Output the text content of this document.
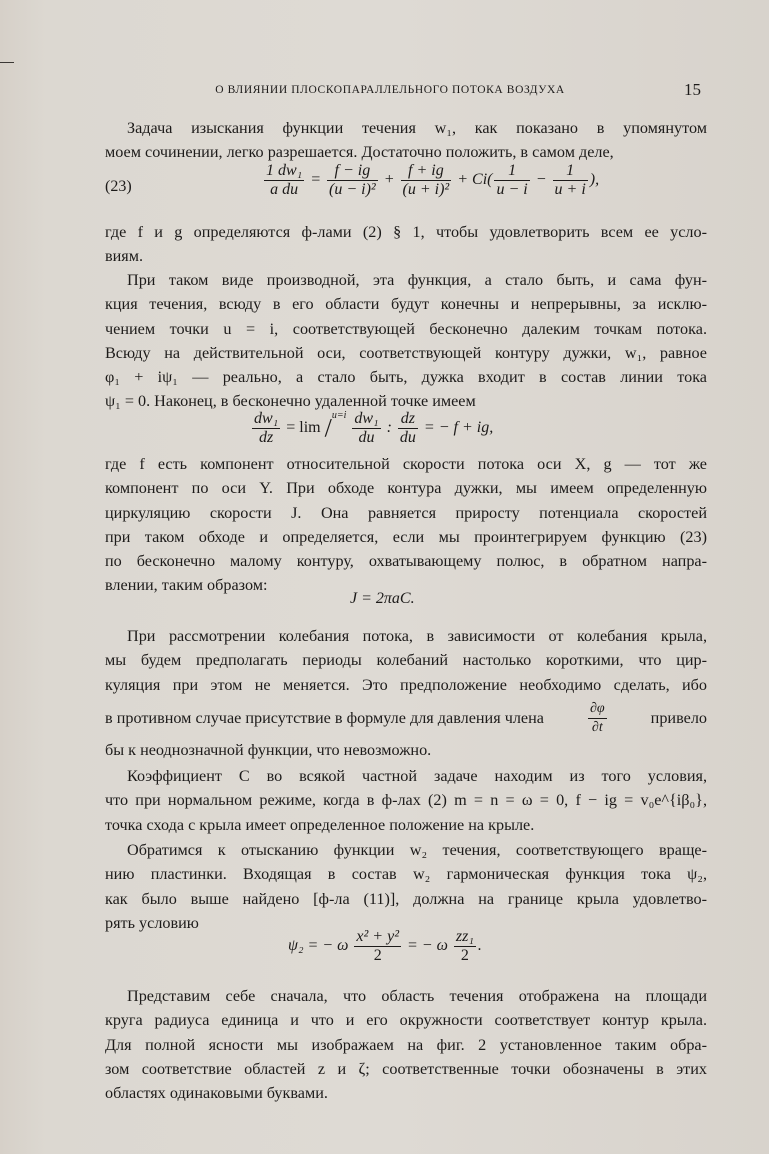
О ВЛИЯНИИ ПЛОСКОПАРАЛЛЕЛЬНОГО ПОТОКА ВОЗДУХА	15
Задача изыскания функции течения w₁, как показано в упомянутом
моем сочинении, легко разрешается. Достаточно положить, в самом деле,
(23)	$\frac{\text{1 dw₁}}{\text{a du}} = \frac{f - ig}{\text{(u − i)²}} + \frac{f + ig}{\text{(u + i)²}} + Ci( \frac{1}{u - i} - \frac{1}{u + i}$ ),
где f и g определяются ф-лами (2) § 1, чтобы удовлетворить всем ее усло-
виям.
При таком виде производной, эта функция, а стало быть, и сама фун-
кция течения, всюду в его области будут конечны и непрерывны, за исклю-
чением точки u = i, соответствующей бесконечно далеким точкам потока.
Всюду на действительной оси, соответствующей контуру дужки, w₁, равное
φ₁ + iψ₁ — реально, а стало быть, дужка входит в состав линии тока
ψ₁ = 0. Наконец, в бесконечно удаленной точке имеем
$\frac{\text{dw₁}}{dz} = \lim /^{u=i} \frac{\text{dw₁}}{du}$ : $\frac{dz}{du}$ = − f + ig,
где f есть компонент относительной скорости потока оси X, g — тот же
компонент по оси Y. При обходе контура дужки, мы имеем определенную
циркуляцию скорости J. Она равняется приросту потенциала скоростей
при таком обходе и определяется, если мы проинтегрируем функцию (23)
по бесконечно малому контуру, охватывающему полюс, в обратном напра-
влении, таким образом:
J = 2πaC.
При рассмотрении колебания потока, в зависимости от колебания крыла,
мы будем предполагать периоды колебаний настолько короткими, что цир-
куляция при этом не меняется. Это предположение необходимо сделать, ибо
в противном случае присутствие в формуле для давления члена	$\frac{\partial\varphi}{\partial t}$	привело
бы к неоднозначной функции, что невозможно.
Коэффициент C во всякой частной задаче находим из того условия,
что при нормальном режиме, когда в ф-лах (2) m = n = ω = 0, f − ig = v₀e^{iβ₀},
точка схода с крыла имеет определенное положение на крыле.
Обратимся к отысканию функции w₂ течения, соответствующего враще-
нию пластинки. Входящая в состав w₂ гармоническая функция тока ψ₂,
как было выше найдено [ф-ла (11)], должна на границе крыла удовлетво-
рять условию
ψ₂ = − ω $\frac{\text{x² + y²}}{2}$ = − ω $\frac{\text{zz₁}}{2}$ .
Представим себе сначала, что область течения отображена на площади
круга радиуса единица и что и его окружности соответствует контур крыла.
Для полной ясности мы изображаем на фиг. 2 установленное таким обра-
зом соответствие областей z и ζ; соответственные точки обозначены в этих
областях одинаковыми буквами.
